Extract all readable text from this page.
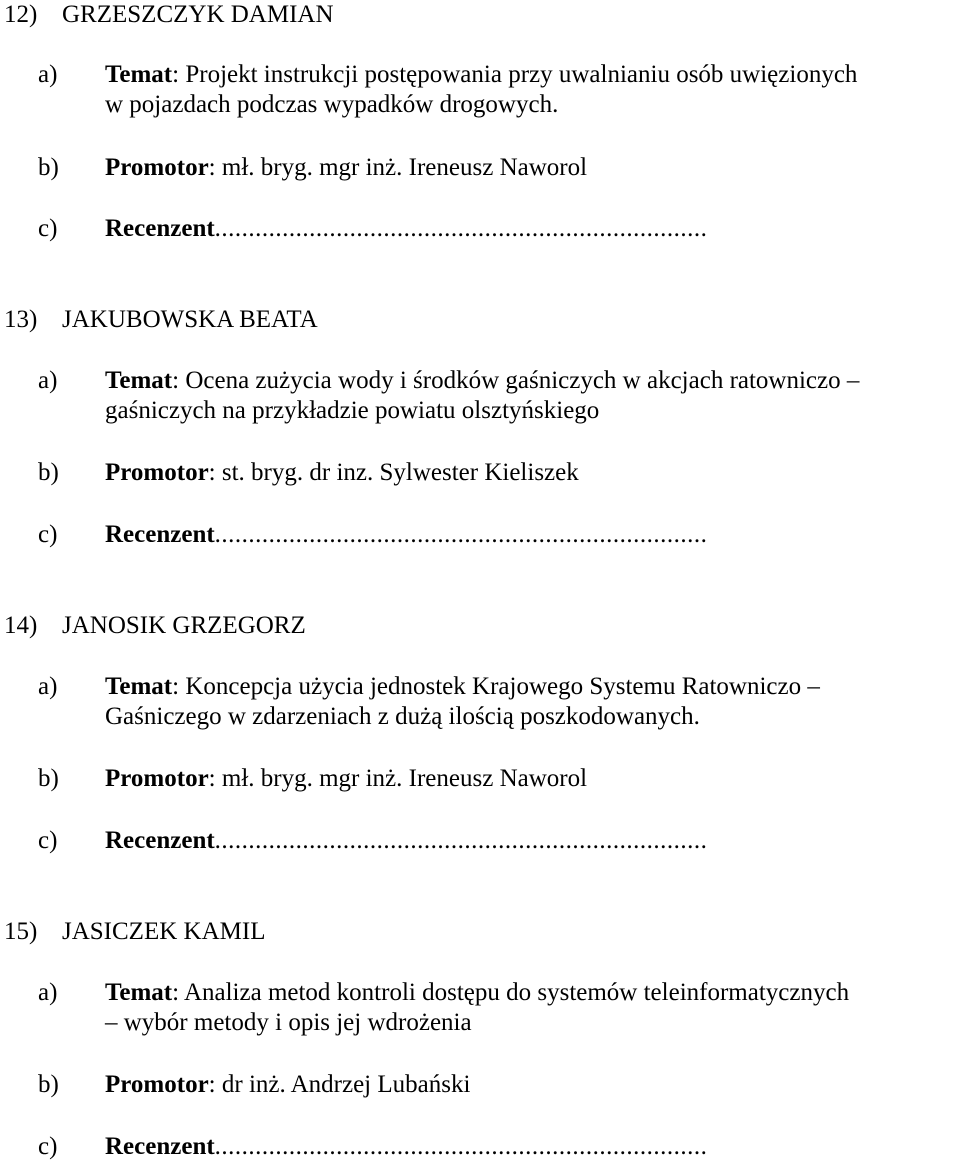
12) GRZESZCZYK DAMIAN
a)	Temat: Projekt instrukcji postępowania przy uwalnianiu osób uwięzionych
w pojazdach podczas wypadków drogowych.
b)	Promotor: mł. bryg. mgr inż. Ireneusz Naworol
c)	Recenzent.........................................................................
13) JAKUBOWSKA BEATA
a)	Temat: Ocena zużycia wody i środków gaśniczych w akcjach ratowniczo –
gaśniczych na przykładzie powiatu olsztyńskiego
b)	Promotor: st. bryg. dr inz. Sylwester Kieliszek
c)	Recenzent.........................................................................
14) JANOSIK GRZEGORZ
a)	Temat: Koncepcja użycia jednostek Krajowego Systemu Ratowniczo –
Gaśniczego w zdarzeniach z dużą ilością poszkodowanych.
b)	Promotor: mł. bryg. mgr inż. Ireneusz Naworol
c)	Recenzent.........................................................................
15) JASICZEK KAMIL
a)	Temat: Analiza metod kontroli dostępu do systemów teleinformatycznych
– wybór metody i opis jej wdrożenia
b)	Promotor: dr inż. Andrzej Lubański
c)	Recenzent.........................................................................
